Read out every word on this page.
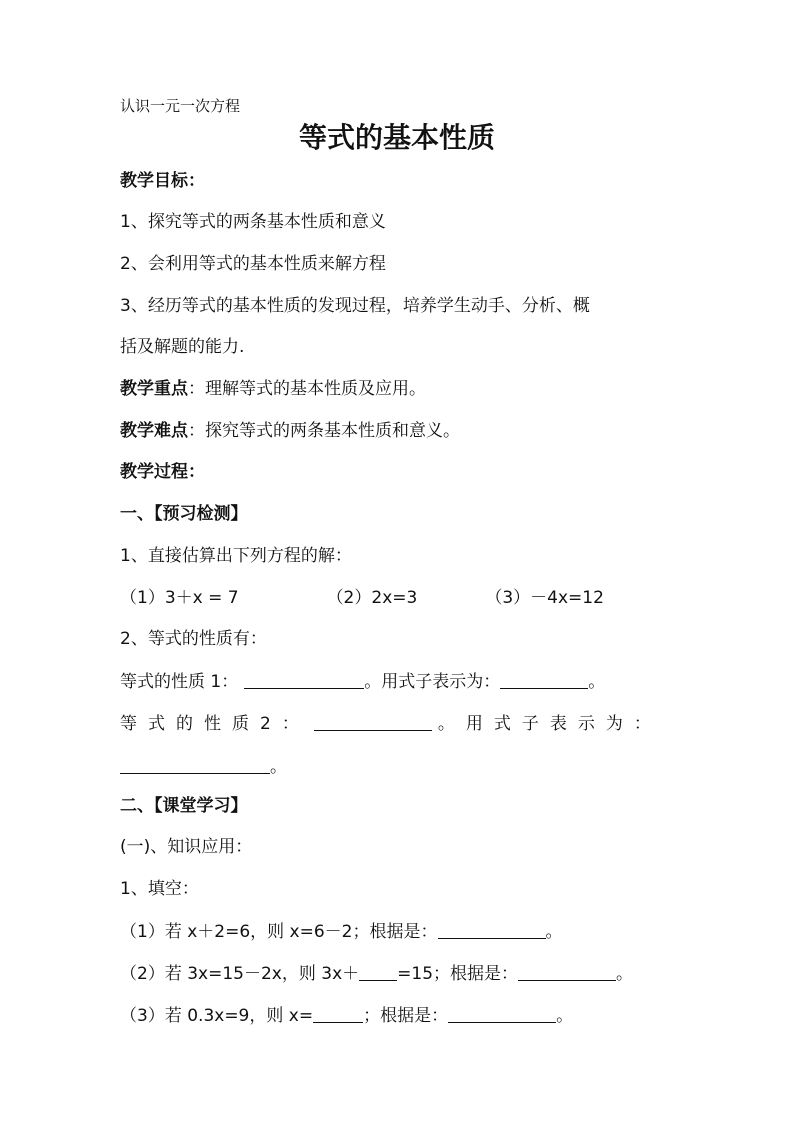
认识一元一次方程
等式的基本性质
教学目标：
1、探究等式的两条基本性质和意义
2、会利用等式的基本性质来解方程
3、经历等式的基本性质的发现过程，培养学生动手、分析、概
括及解题的能力.
教学重点：理解等式的基本性质及应用。
教学难点：探究等式的两条基本性质和意义。
教学过程：
一、【预习检测】
1、直接估算出下列方程的解：
（1）3＋x = 7	（2）2x=3	（3）－4x=12
2、等式的性质有：
等式的性质 1：	。用式子表示为：	。
等式的性质2：	。用式子表示为：
。
二、【课堂学习】
(一)、知识应用：
1、填空：
（1）若 x＋2=6，则 x=6－2；根据是：	。
（2）若 3x=15－2x，则 3x＋ =15；根据是：	。
（3）若 0.3x=9，则 x=	；根据是：	。
